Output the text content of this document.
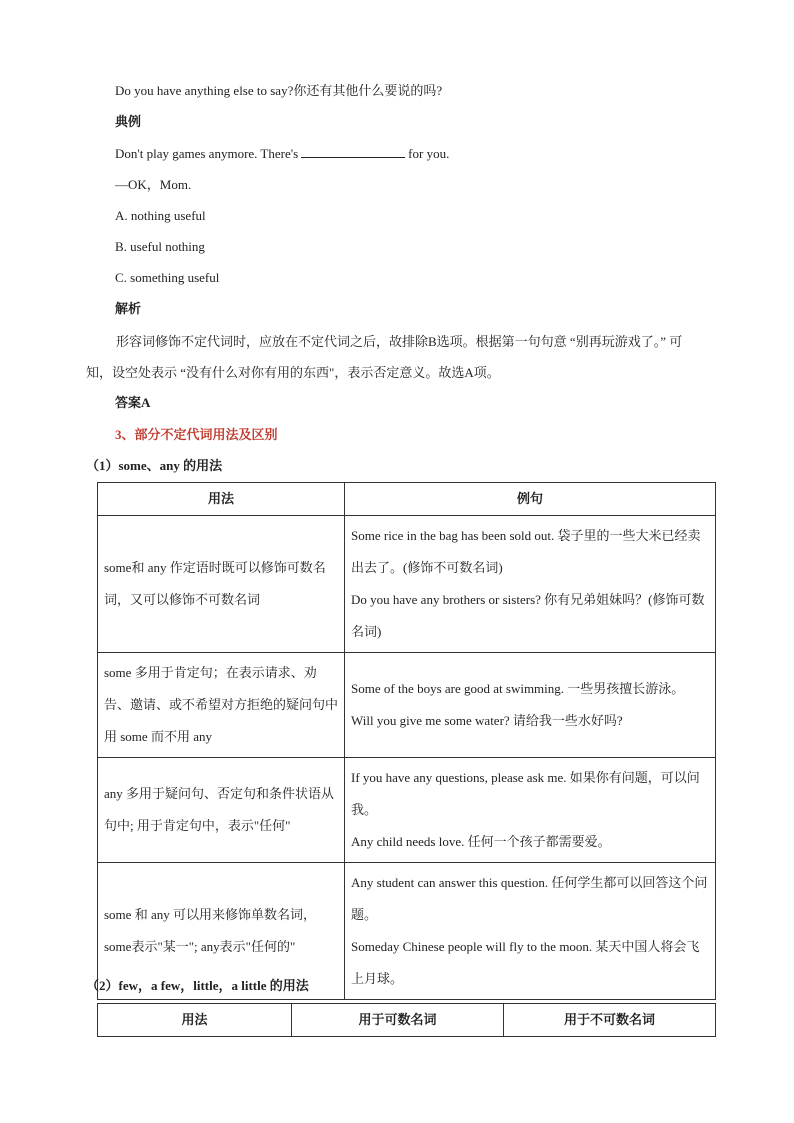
Do you have anything else to say?你还有其他什么要说的吗?
典例
Don't play games anymore. There's	for you.
—OK，Mom.
A. nothing useful
B. useful nothing
C. something useful
解析
形容词修饰不定代词时，应放在不定代词之后，故排除B选项。根据第一句句意 “别再玩游戏了。” 可知，设空处表示 “没有什么对你有用的东西"，表示否定意义。故选A项。
答案A
3、部分不定代词用法及区别
（1）some、any 的用法
用法	例句
some和 any 作定语时既可以修饰可数名词，又可以修饰不可数名词	Some rice in the bag has been sold out. 袋子里的一些大米已经卖出去了。(修饰不可数名词)
Do you have any brothers or sisters? 你有兄弟姐妹吗？(修饰可数名词)

some 多用于肯定句；在表示请求、劝告、邀请、或不希望对方拒绝的疑问句中用 some 而不用 any	Some of the boys are good at swimming. 一些男孩擅长游泳。
Will you give me some water? 请给我一些水好吗?

any 多用于疑问句、否定句和条件状语从句中; 用于肯定句中，表示"任何"	If you have any questions, please ask me. 如果你有问题，可以问我。
Any child needs love. 任何一个孩子都需要爱。

some 和 any 可以用来修饰单数名词，some表示"某一"; any表示"任何的"	Any student can answer this question. 任何学生都可以回答这个问题。
Someday Chinese people will fly to the moon. 某天中国人将会飞上月球。
（2）few，a few，little，a little 的用法
用法	用于可数名词	用于不可数名词
